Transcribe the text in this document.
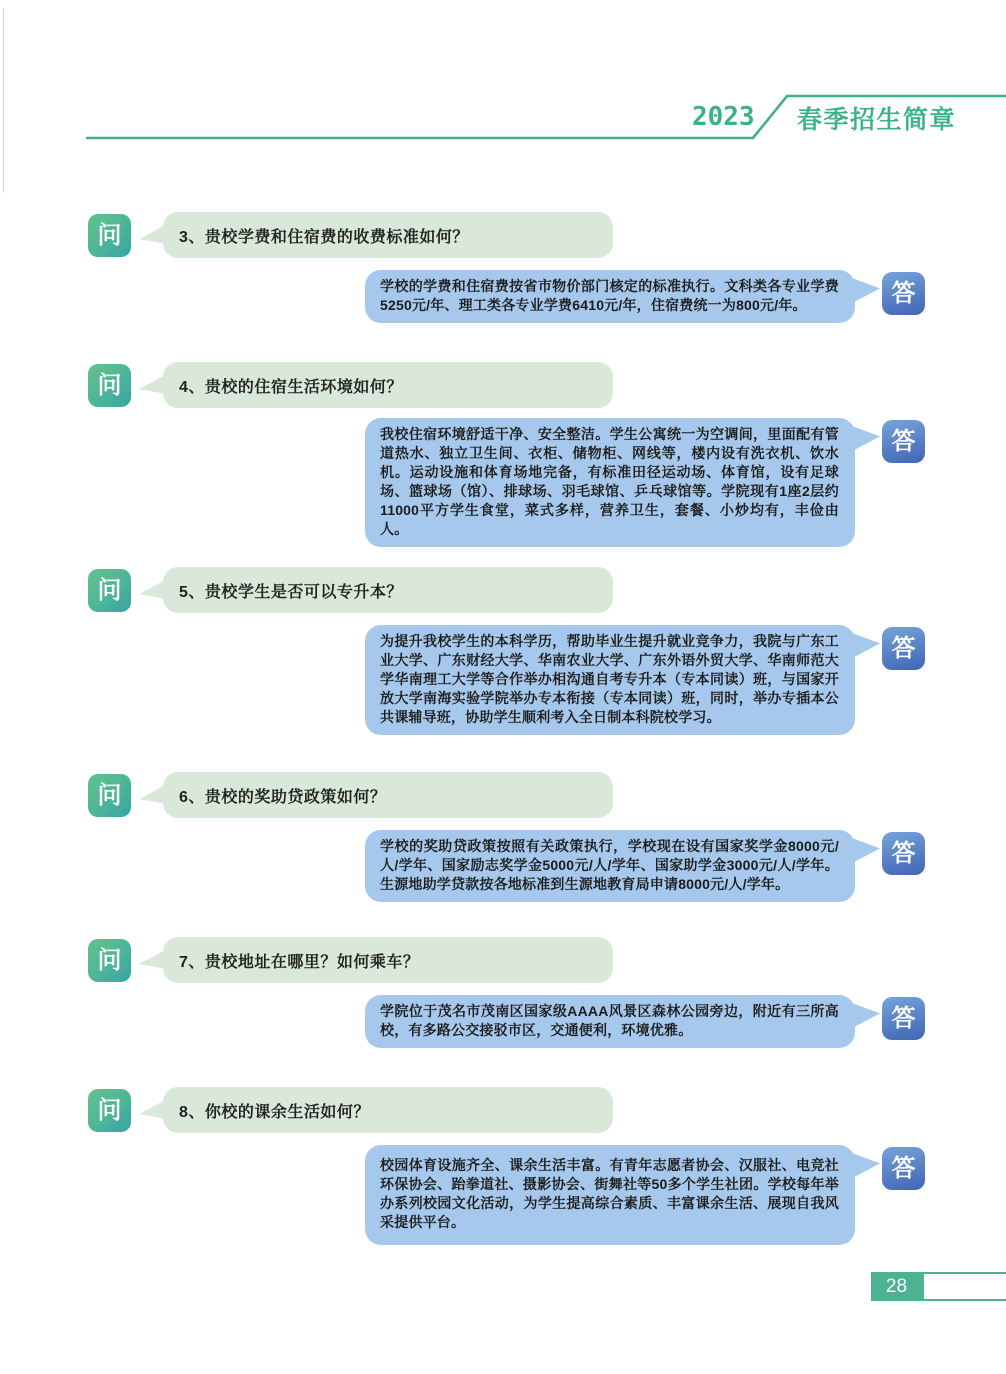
2023 春季招生简章
问	3、贵校学费和住宿费的收费标准如何？

学校的学费和住宿费按省市物价部门核定的标准执行。文科类各专业学费5250元/年、理工类各专业学费6410元/年，住宿费统一为800元/年。	答
问	4、贵校的住宿生活环境如何？

我校住宿环境舒适干净、安全整洁。学生公寓统一为空调间，里面配有管道热水、独立卫生间、衣柜、储物柜、网线等，楼内设有洗衣机、饮水机。运动设施和体育场地完备，有标准田径运动场、体育馆，设有足球场、篮球场（馆）、排球场、羽毛球馆、乒乓球馆等。学院现有1座2层约11000平方学生食堂，菜式多样，营养卫生，套餐、小炒均有，丰俭由人。

答
问	5、贵校学生是否可以专升本？

为提升我校学生的本科学历，帮助毕业生提升就业竞争力，我院与广东工业大学、广东财经大学、华南农业大学、广东外语外贸大学、华南师范大学华南理工大学等合作举办相沟通自考专升本（专本同读）班，与国家开放大学南海实验学院举办专本衔接（专本同读）班，同时，举办专插本公共课辅导班，协助学生顺利考入全日制本科院校学习。

答
问	6、贵校的奖助贷政策如何？

学校的奖助贷政策按照有关政策执行，学校现在设有国家奖学金8000元/人/学年、国家励志奖学金5000元/人/学年、国家助学金3000元/人/学年。生源地助学贷款按各地标准到生源地教育局申请8000元/人/学年。

答
问	7、贵校地址在哪里？如何乘车？

学院位于茂名市茂南区国家级AAAA风景区森林公园旁边，附近有三所高校，有多路公交接驳市区，交通便利，环境优雅。	答
问	8、你校的课余生活如何？

校园体育设施齐全、课余生活丰富。有青年志愿者协会、汉服社、电竞社环保协会、跆拳道社、摄影协会、街舞社等50多个学生社团。学校每年举办系列校园文化活动，为学生提高综合素质、丰富课余生活、展现自我风采提供平台。

答
28
